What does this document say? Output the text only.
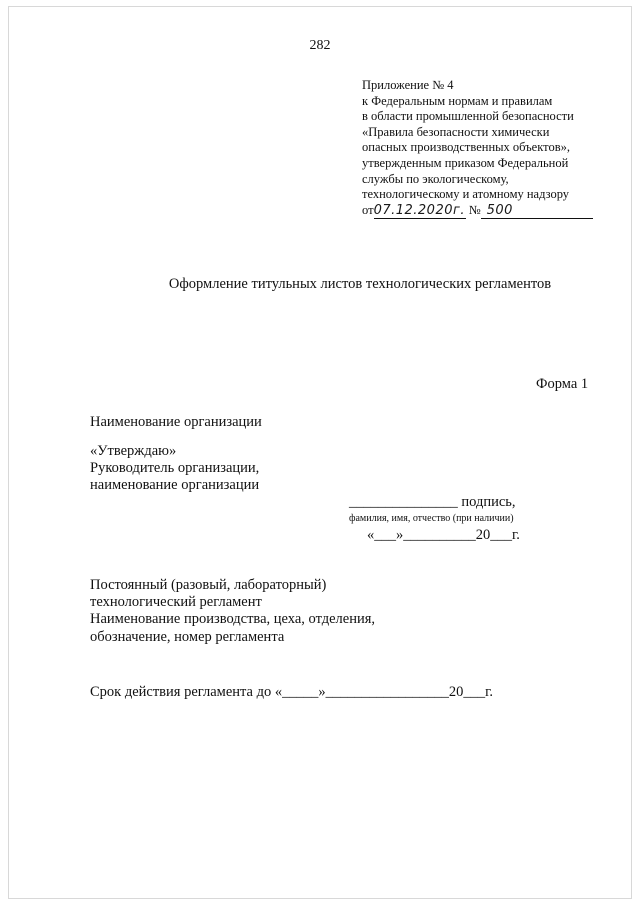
282
Приложение № 4
к Федеральным нормам и правилам
в области промышленной безопасности
«Правила безопасности химически
опасных производственных объектов»,
утвержденным приказом Федеральной
службы по экологическому,
технологическому и атомному надзору
от07.12.2020г. № 500
Оформление титульных листов технологических регламентов
Форма 1
Наименование организации
«Утверждаю»
Руководитель организации,
наименование организации
_______________ подпись,
фамилия, имя, отчество (при наличии)
«___»__________20___г.
Постоянный (разовый, лабораторный)
технологический регламент
Наименование производства, цеха, отделения,
обозначение, номер регламента
Срок действия регламента до «_____»_________________20___г.
